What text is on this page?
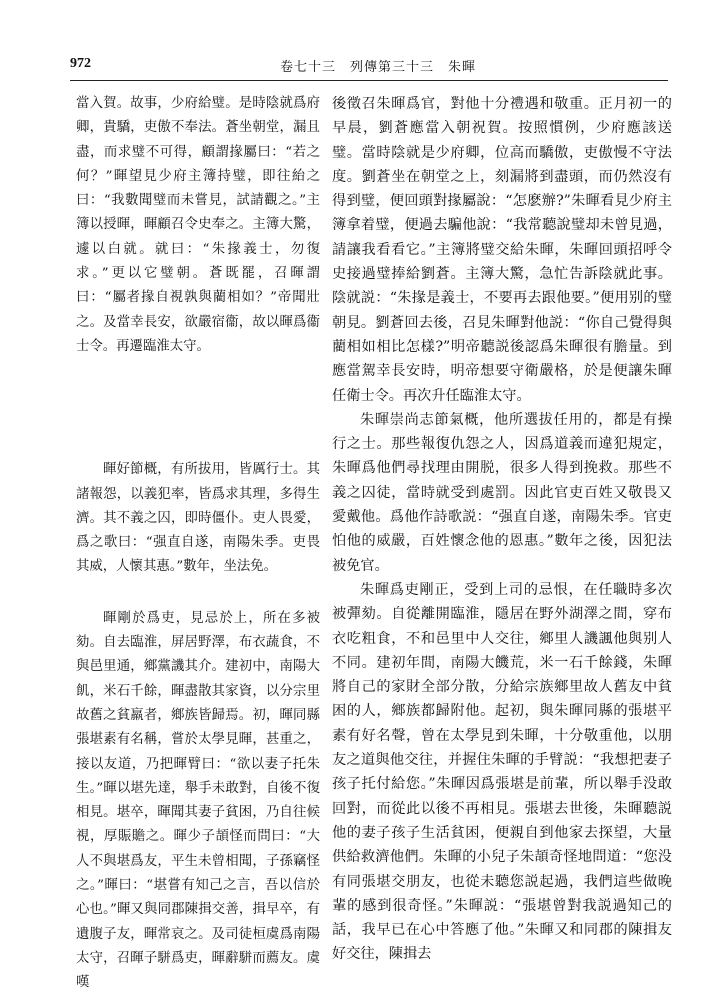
972	卷七十三　列傳第三十三　朱暉

當入賀。故事，少府給璧。是時陰就爲府卿，貴驕，吏傲不奉法。蒼坐朝堂，漏且盡，而求璧不可得，顧謂掾屬曰：“若之何？”暉望見少府主簿持璧，即往紿之曰：“我數聞璧而未嘗見，試請觀之。”主簿以授暉，暉顧召令史奉之。主簿大驚，遽以白就。就曰：“朱掾義士，勿復求。”更以它璧朝。蒼既罷，召暉謂曰：“屬者掾自視孰與藺相如？”帝聞壯之。及當幸長安，欲嚴宿衞，故以暉爲衞士令。再遷臨淮太守。

暉好節概，有所拔用，皆厲行士。其諸報怨，以義犯率，皆爲求其理，多得生濟。其不義之囚，即時僵仆。吏人畏愛，爲之歌曰：“强直自遂，南陽朱季。吏畏其威，人懷其惠。”數年，坐法免。

暉剛於爲吏，見忌於上，所在多被劾。自去臨淮，屏居野澤，布衣蔬食，不與邑里通，鄉黨譏其介。建初中，南陽大飢，米石千餘，暉盡散其家資，以分宗里故舊之貧羸者，鄉族皆歸焉。初，暉同縣張堪素有名稱，嘗於太學見暉，甚重之，接以友道，乃把暉臂曰：“欲以妻子托朱生。”暉以堪先達，舉手未敢對，自後不復相見。堪卒，暉聞其妻子貧困，乃自往候視，厚賑贍之。暉少子頡怪而問曰：“大人不與堪爲友，平生未曾相聞，子孫竊怪之。”暉曰：“堪嘗有知己之言，吾以信於心也。”暉又與同郡陳揖交善，揖早卒，有遺腹子友，暉常哀之。及司徒桓虞爲南陽太守，召暉子駢爲吏，暉辭駢而薦友。虞嘆

後徵召朱暉爲官，對他十分禮遇和敬重。正月初一的早晨，劉蒼應當入朝祝賀。按照慣例，少府應該送璧。當時陰就是少府卿，位高而驕傲，吏傲慢不守法度。劉蒼坐在朝堂之上，刻漏將到盡頭，而仍然沒有得到璧，便回頭對掾屬說：“怎麽辦?”朱暉看見少府主簿拿着璧，便過去騙他說：“我常聽說璧却未曾見過，請讓我看看它。”主簿將璧交給朱暉，朱暉回頭招呼令史接過璧捧給劉蒼。主簿大驚，急忙告訴陰就此事。陰就説：“朱掾是義士，不要再去跟他要。”便用别的璧朝見。劉蒼回去後，召見朱暉對他説：“你自己覺得與藺相如相比怎樣?”明帝聽説後認爲朱暉很有膽量。到應當駕幸長安時，明帝想要守衛嚴格，於是便讓朱暉任衛士令。再次升任臨淮太守。

朱暉崇尚志節氣概，他所選拔任用的，都是有操行之士。那些報復仇怨之人，因爲道義而違犯規定，朱暉爲他們尋找理由開脱，很多人得到挽救。那些不義之囚徒，當時就受到處罰。因此官吏百姓又敬畏又愛戴他。爲他作詩歌説：“强直自遂，南陽朱季。官吏怕他的威嚴，百姓懷念他的恩惠。”數年之後，因犯法被免官。

朱暉爲吏剛正，受到上司的忌恨，在任職時多次被彈劾。自從離開臨淮，隱居在野外湖澤之間，穿布衣吃粗食，不和邑里中人交往，鄉里人譏諷他與别人不同。建初年間，南陽大饑荒，米一石千餘錢，朱暉將自己的家財全部分散，分給宗族鄉里故人舊友中貧困的人，鄉族都歸附他。起初，與朱暉同縣的張堪平素有好名聲，曾在太學見到朱暉，十分敬重他，以朋友之道與他交往，并握住朱暉的手臂説：“我想把妻子孩子托付給您。”朱暉因爲張堪是前輩，所以舉手没敢回對，而從此以後不再相見。張堪去世後，朱暉聽説他的妻子孩子生活貧困，便親自到他家去探望，大量供給救濟他們。朱暉的小兒子朱頡奇怪地問道：“您没有同張堪交朋友，也從未聽您説起過，我們這些做晚輩的感到很奇怪。”朱暉説：“張堪曾對我説過知己的話，我早已在心中答應了他。”朱暉又和同郡的陳揖友好交往，陳揖去
